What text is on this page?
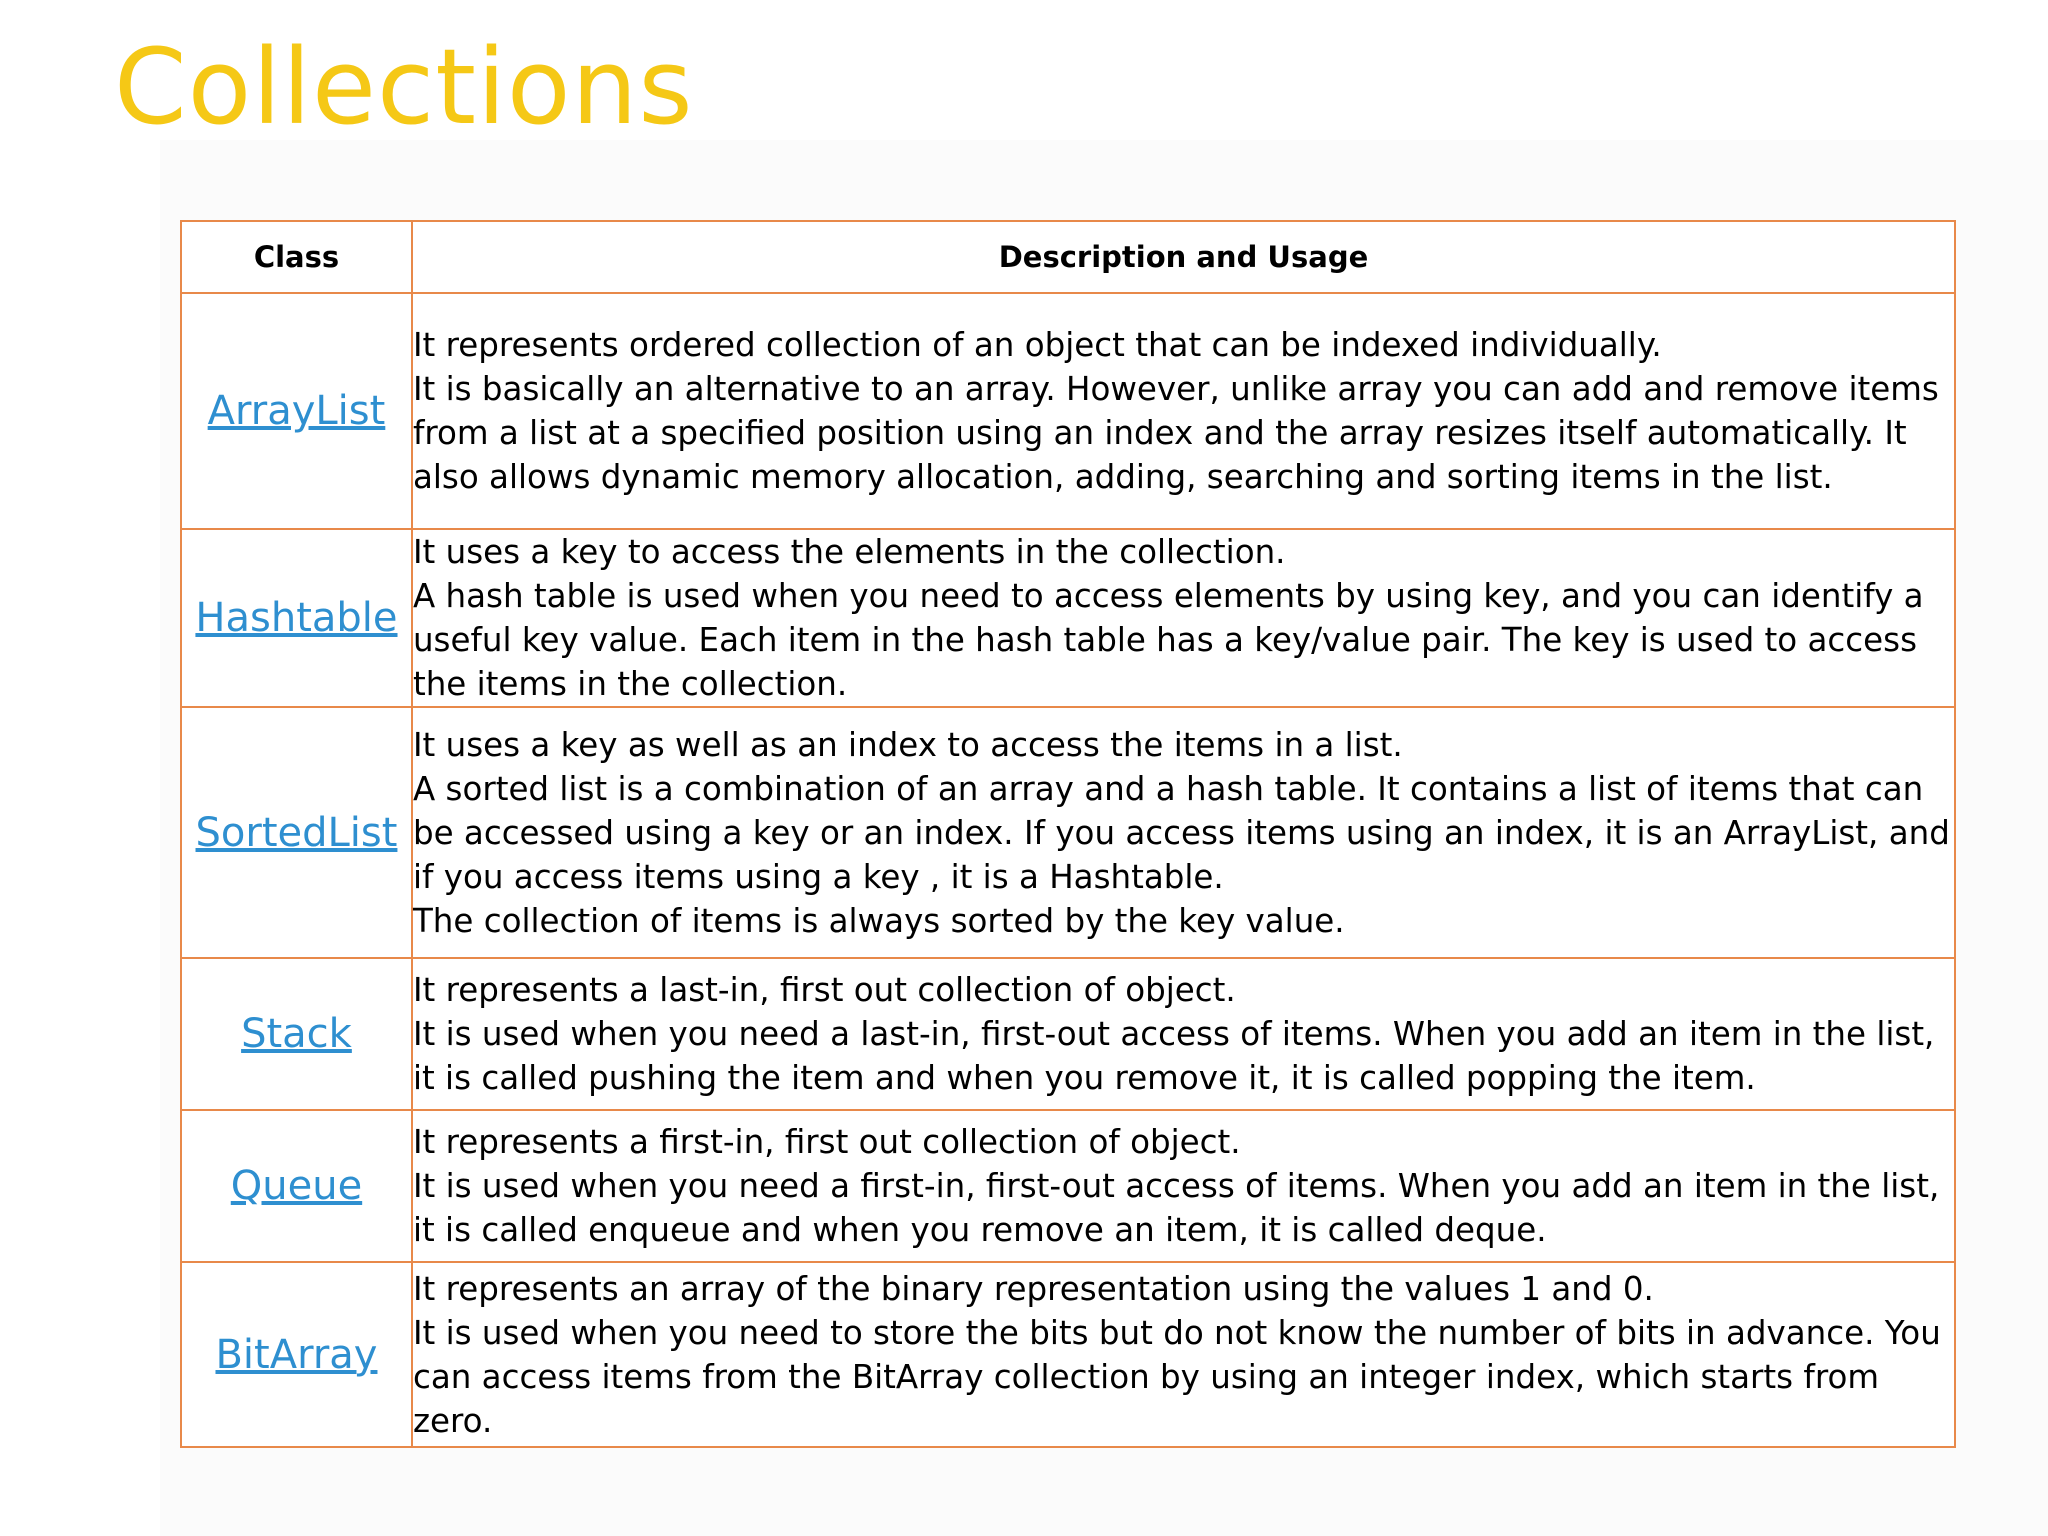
Collections
Class	Description and Usage
ArrayList	It represents ordered collection of an object that can be indexed individually.
It is basically an alternative to an array. However, unlike array you can add and remove items from a list at a specified position using an index and the array resizes itself automatically. It also allows dynamic memory allocation, adding, searching and sorting items in the list.

Hashtable	It uses a key to access the elements in the collection.
A hash table is used when you need to access elements by using key, and you can identify a useful key value. Each item in the hash table has a key/value pair. The key is used to access the items in the collection.

SortedList	It uses a key as well as an index to access the items in a list.
A sorted list is a combination of an array and a hash table. It contains a list of items that can be accessed using a key or an index. If you access items using an index, it is an ArrayList, and if you access items using a key , it is a Hashtable.
The collection of items is always sorted by the key value.

Stack	It represents a last-in, first out collection of object.
It is used when you need a last-in, first-out access of items. When you add an item in the list, it is called pushing the item and when you remove it, it is called popping the item.

Queue	It represents a first-in, first out collection of object.
It is used when you need a first-in, first-out access of items. When you add an item in the list, it is called enqueue and when you remove an item, it is called deque.

BitArray	It represents an array of the binary representation using the values 1 and 0.
It is used when you need to store the bits but do not know the number of bits in advance. You can access items from the BitArray collection by using an integer index, which starts from zero.
